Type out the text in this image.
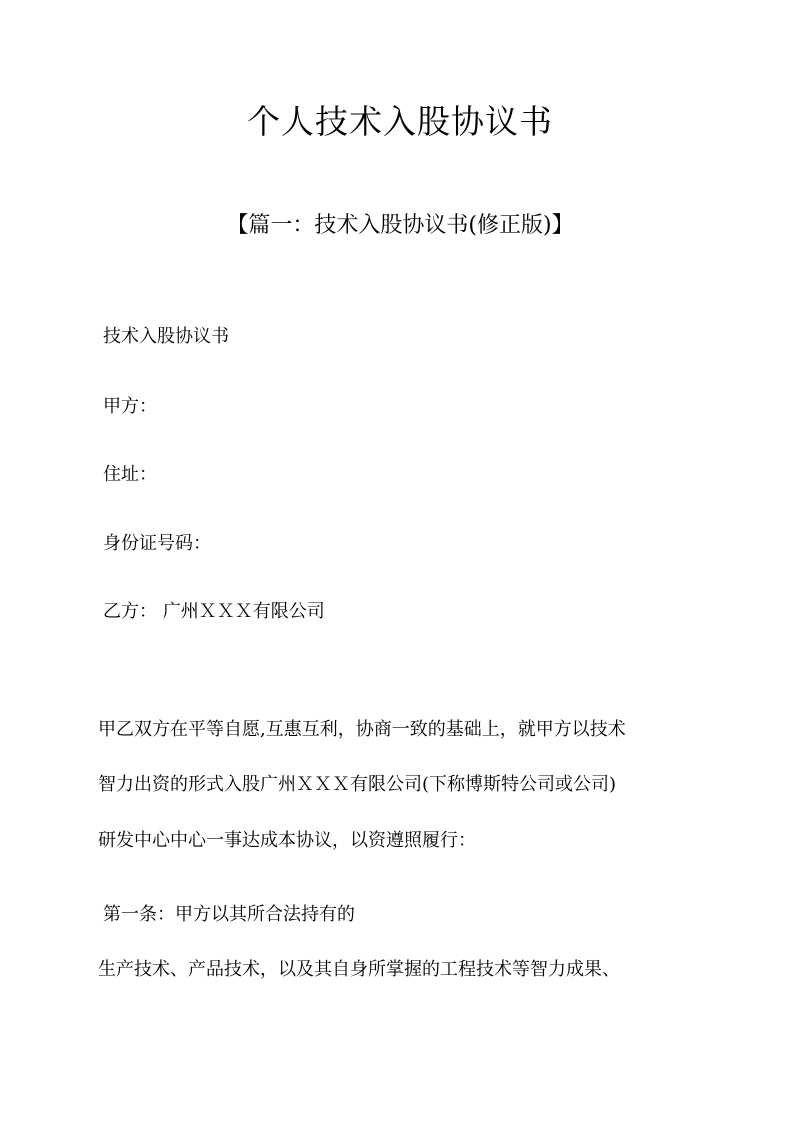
个人技术入股协议书
【篇一：技术入股协议书(修正版)】
技术入股协议书
甲方：
住址：
身份证号码：
乙方： 广州ＸＸＸ有限公司
甲乙双方在平等自愿,互惠互利，协商一致的基础上，就甲方以技术
智力出资的形式入股广州ＸＸＸ有限公司(下称博斯特公司或公司)
研发中心中心一事达成本协议，以资遵照履行：
第一条：甲方以其所合法持有的
生产技术、产品技术，以及其自身所掌握的工程技术等智力成果、
